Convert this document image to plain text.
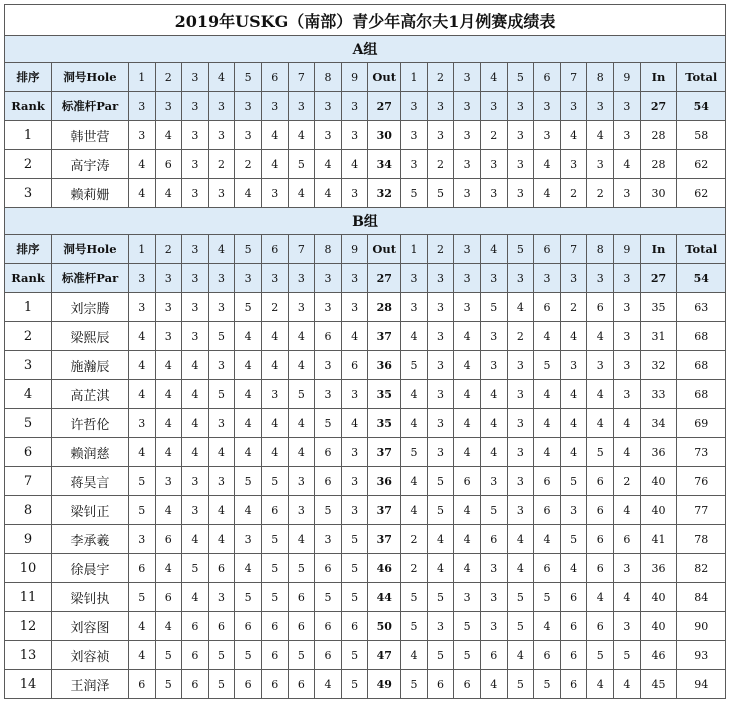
2019年USKG（南部）青少年高尔夫1月例赛成绩表																						
A组																						
排序	洞号Hole	1	2	3	4	5	6	7	8	9	Out	1	2	3	4	5	6	7	8	9	In	Total
Rank	标准杆Par	3	3	3	3	3	3	3	3	3	27	3	3	3	3	3	3	3	3	3	27	54
1	韩世营	3	4	3	3	3	4	4	3	3	30	3	3	3	2	3	3	4	4	3	28	58
2	高宇涛	4	6	3	2	2	4	5	4	4	34	3	2	3	3	3	4	3	3	4	28	62
3	赖莉姗	4	4	3	3	4	3	4	4	3	32	5	5	3	3	3	4	2	2	3	30	62
B组																						
排序	洞号Hole	1	2	3	4	5	6	7	8	9	Out	1	2	3	4	5	6	7	8	9	In	Total
Rank	标准杆Par	3	3	3	3	3	3	3	3	3	27	3	3	3	3	3	3	3	3	3	27	54
1	刘宗腾	3	3	3	3	5	2	3	3	3	28	3	3	3	5	4	6	2	6	3	35	63
2	梁熙辰	4	3	3	5	4	4	4	6	4	37	4	3	4	3	2	4	4	4	3	31	68
3	施瀚辰	4	4	4	3	4	4	4	3	6	36	5	3	4	3	3	5	3	3	3	32	68
4	高芷淇	4	4	4	5	4	3	5	3	3	35	4	3	4	4	3	4	4	4	3	33	68
5	许哲伦	3	4	4	3	4	4	4	5	4	35	4	3	4	4	3	4	4	4	4	34	69
6	赖润慈	4	4	4	4	4	4	4	6	3	37	5	3	4	4	3	4	4	5	4	36	73
7	蒋昊言	5	3	3	3	5	5	3	6	3	36	4	5	6	3	3	6	5	6	2	40	76
8	梁钊正	5	4	3	4	4	6	3	5	3	37	4	5	4	5	3	6	3	6	4	40	77
9	李承羲	3	6	4	4	3	5	4	3	5	37	2	4	4	6	4	4	5	6	6	41	78
10	徐晨宇	6	4	5	6	4	5	5	6	5	46	2	4	4	3	4	6	4	6	3	36	82
11	梁钊执	5	6	4	3	5	5	6	5	5	44	5	5	3	3	5	5	6	4	4	40	84
12	刘容图	4	4	6	6	6	6	6	6	6	50	5	3	5	3	5	4	6	6	3	40	90
13	刘容祯	4	5	6	5	5	6	5	6	5	47	4	5	5	6	4	6	6	5	5	46	93
14	王润泽	6	5	6	5	6	6	6	4	5	49	5	6	6	4	5	5	6	4	4	45	94
